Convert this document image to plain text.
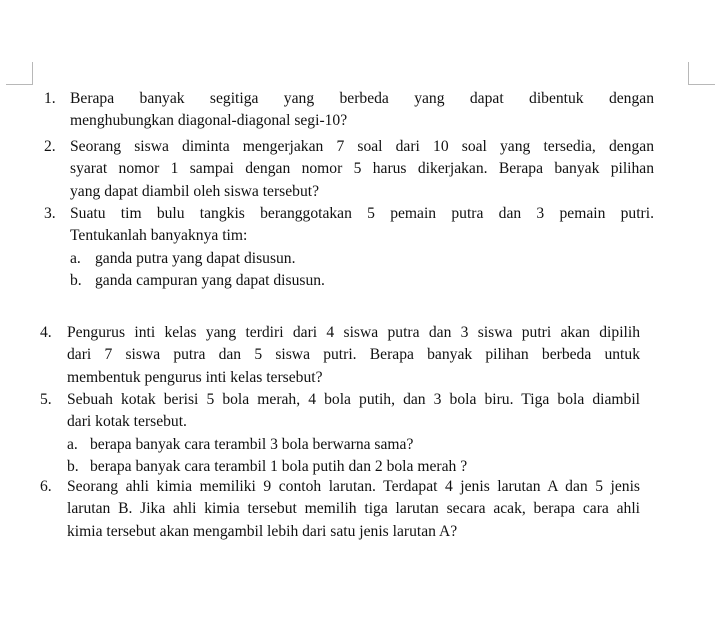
1. Berapa banyak segitiga yang berbeda yang dapat dibentuk dengan

menghubungkan diagonal-diagonal segi-10?

2. Seorang siswa diminta mengerjakan 7 soal dari 10 soal yang tersedia, dengan

syarat nomor 1 sampai dengan nomor 5 harus dikerjakan. Berapa banyak pilihan

yang dapat diambil oleh siswa tersebut?

3. Suatu tim bulu tangkis beranggotakan 5 pemain putra dan 3 pemain putri.

Tentukanlah banyaknya tim:

a. ganda putra yang dapat disusun.
b. ganda campuran yang dapat disusun.
4. Pengurus inti kelas yang terdiri dari 4 siswa putra dan 3 siswa putri akan dipilih

dari 7 siswa putra dan 5 siswa putri. Berapa banyak pilihan berbeda untuk

membentuk pengurus inti kelas tersebut?

5. Sebuah kotak berisi 5 bola merah, 4 bola putih, dan 3 bola biru. Tiga bola diambil

dari kotak tersebut.

a. berapa banyak cara terambil 3 bola berwarna sama?
b. berapa banyak cara terambil 1 bola putih dan 2 bola merah ?
6. Seorang ahli kimia memiliki 9 contoh larutan. Terdapat 4 jenis larutan A dan 5 jenis

larutan B. Jika ahli kimia tersebut memilih tiga larutan secara acak, berapa cara ahli

kimia tersebut akan mengambil lebih dari satu jenis larutan A?
